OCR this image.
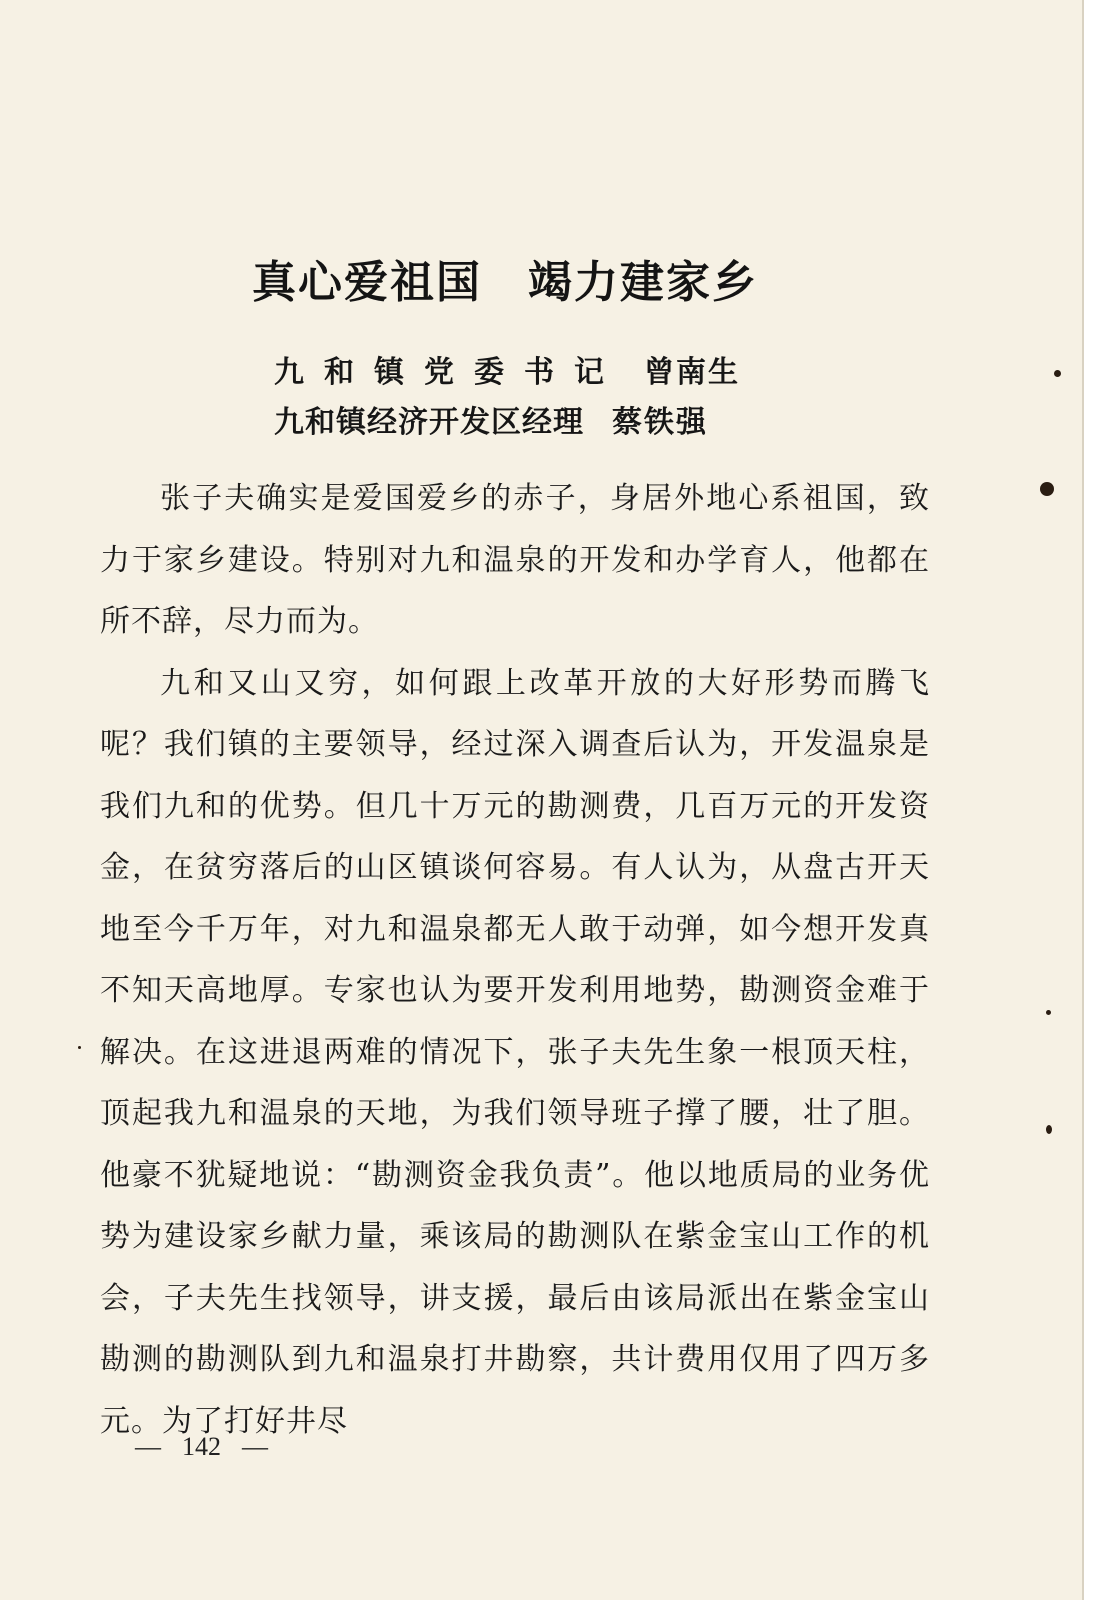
真心爱祖国　竭力建家乡
九和镇党委书记 曾南生
九和镇经济开发区经理 蔡铁强

张子夫确实是爱国爱乡的赤子，身居外地心系祖国，致力于家乡建设。特别对九和温泉的开发和办学育人，他都在所不辞，尽力而为。

九和又山又穷，如何跟上改革开放的大好形势而腾飞呢？我们镇的主要领导，经过深入调查后认为，开发温泉是我们九和的优势。但几十万元的勘测费，几百万元的开发资金，在贫穷落后的山区镇谈何容易。有人认为，从盘古开天地至今千万年，对九和温泉都无人敢于动弹，如今想开发真不知天高地厚。专家也认为要开发利用地势，勘测资金难于解决。在这进退两难的情况下，张子夫先生象一根顶天柱，顶起我九和温泉的天地，为我们领导班子撑了腰，壮了胆。他豪不犹疑地说：“勘测资金我负责”。他以地质局的业务优势为建设家乡献力量，乘该局的勘测队在紫金宝山工作的机会，子夫先生找领导，讲支援，最后由该局派出在紫金宝山勘测的勘测队到九和温泉打井勘察，共计费用仅用了四万多元。为了打好井尽

— 142 —
